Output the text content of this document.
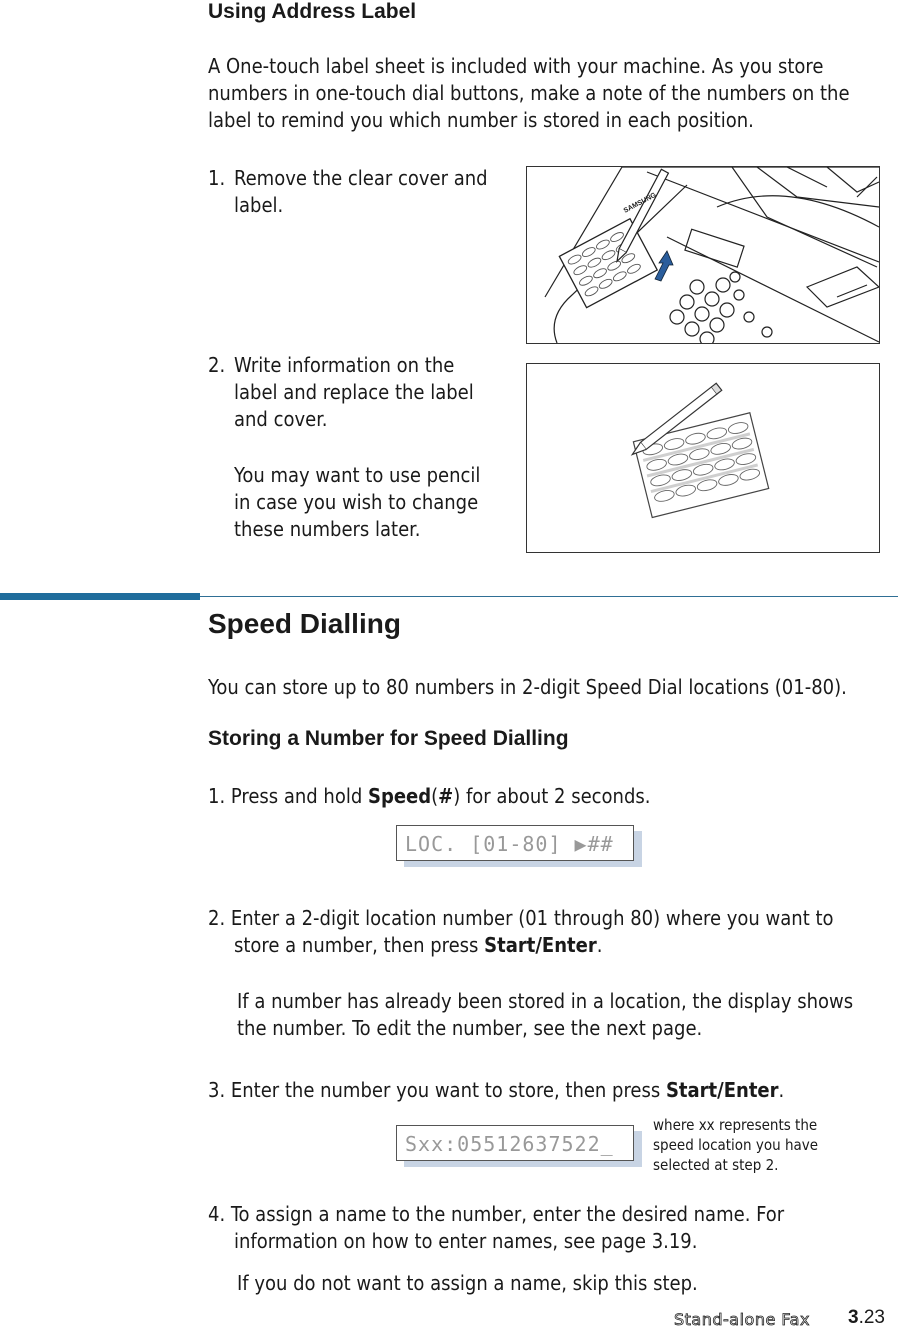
Using Address Label
A One-touch label sheet is included with your machine. As you store
numbers in one-touch dial buttons, make a note of the numbers on the
label to remind you which number is stored in each position.
1. Remove the clear cover and
label.
2. Write information on the
label and replace the label
and cover.
You may want to use pencil
in case you wish to change
these numbers later.
SAMSUNG
Speed Dialling
You can store up to 80 numbers in 2-digit Speed Dial locations (01-80).
Storing a Number for Speed Dialling
1. Press and hold Speed(#) for about 2 seconds.
LOC. [01-80] ▶##
2. Enter a 2-digit location number (01 through 80) where you want to
store a number, then press Start/Enter.
If a number has already been stored in a location, the display shows
the number. To edit the number, see the next page.
3. Enter the number you want to store, then press Start/Enter.
Sxx:05512637522_
where xx represents the
speed location you have
selected at step 2.
4. To assign a name to the number, enter the desired name. For
information on how to enter names, see page 3.19.
If you do not want to assign a name, skip this step.
Stand-alone Fax 3.23
